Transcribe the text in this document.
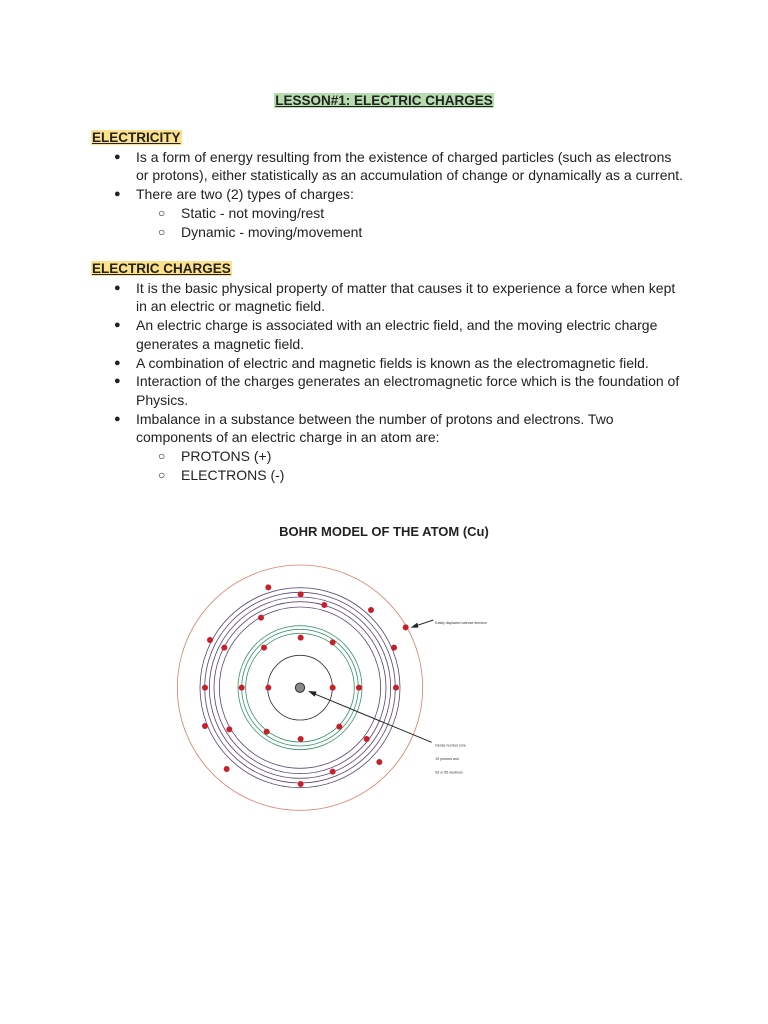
LESSON#1: ELECTRIC CHARGES
ELECTRICITY
● Is a form of energy resulting from the existence of charged particles (such as electrons
or protons), either statistically as an accumulation of change or dynamically as a current.
● There are two (2) types of charges:
○ Static - not moving/rest
○ Dynamic - moving/movement
ELECTRIC CHARGES
● It is the basic physical property of matter that causes it to experience a force when kept
in an electric or magnetic field.
● An electric charge is associated with an electric field, and the moving electric charge
generates a magnetic field.
● A combination of electric and magnetic fields is known as the electromagnetic field.
● Interaction of the charges generates an electromagnetic force which is the foundation of
Physics.
● Imbalance in a substance between the number of protons and electrons. Two
components of an electric charge in an atom are:
○ PROTONS (+)
○ ELECTRONS (-)
BOHR MODEL OF THE ATOM (Cu)
Easily displaced valence electron
Dense nuclear core.
29 protons and
63 or 65 neutrons
